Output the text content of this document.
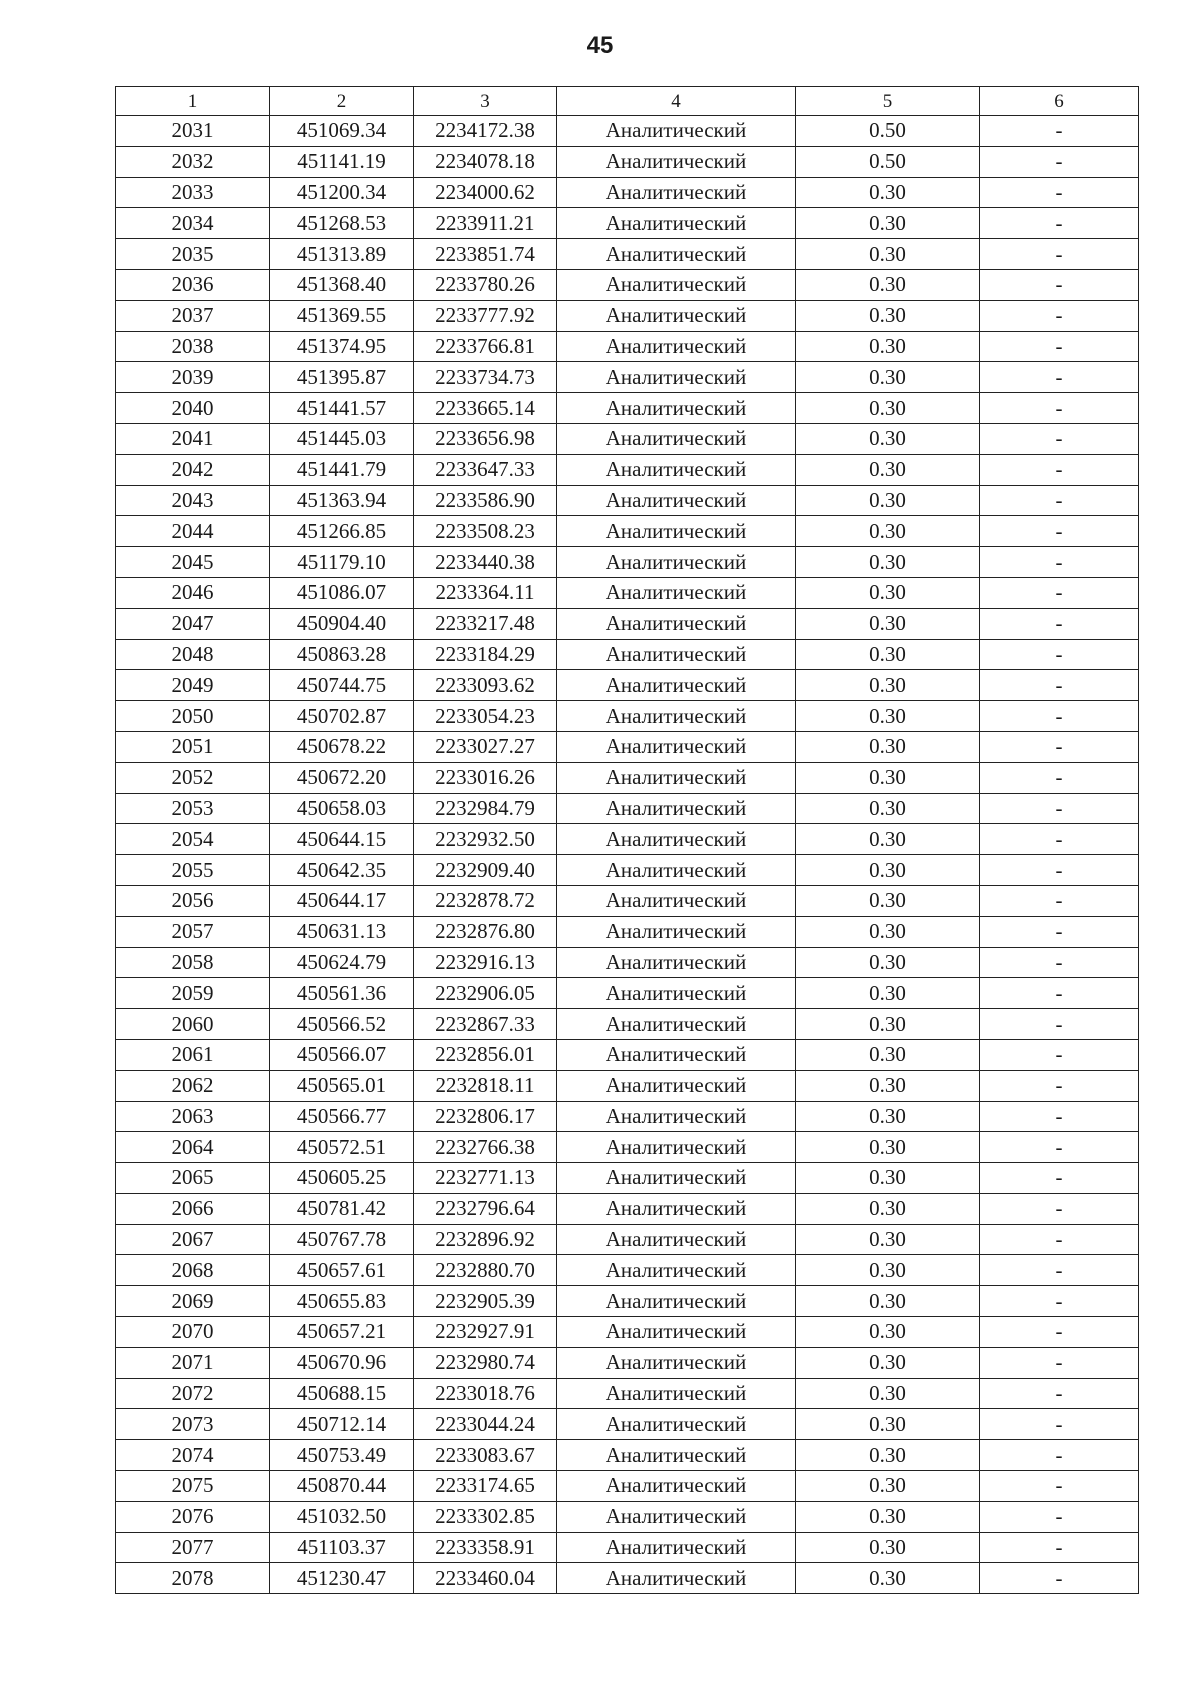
45
1	2	3	4	5	6
2031	451069.34	2234172.38	Аналитический	0.50	-
2032	451141.19	2234078.18	Аналитический	0.50	-
2033	451200.34	2234000.62	Аналитический	0.30	-
2034	451268.53	2233911.21	Аналитический	0.30	-
2035	451313.89	2233851.74	Аналитический	0.30	-
2036	451368.40	2233780.26	Аналитический	0.30	-
2037	451369.55	2233777.92	Аналитический	0.30	-
2038	451374.95	2233766.81	Аналитический	0.30	-
2039	451395.87	2233734.73	Аналитический	0.30	-
2040	451441.57	2233665.14	Аналитический	0.30	-
2041	451445.03	2233656.98	Аналитический	0.30	-
2042	451441.79	2233647.33	Аналитический	0.30	-
2043	451363.94	2233586.90	Аналитический	0.30	-
2044	451266.85	2233508.23	Аналитический	0.30	-
2045	451179.10	2233440.38	Аналитический	0.30	-
2046	451086.07	2233364.11	Аналитический	0.30	-
2047	450904.40	2233217.48	Аналитический	0.30	-
2048	450863.28	2233184.29	Аналитический	0.30	-
2049	450744.75	2233093.62	Аналитический	0.30	-
2050	450702.87	2233054.23	Аналитический	0.30	-
2051	450678.22	2233027.27	Аналитический	0.30	-
2052	450672.20	2233016.26	Аналитический	0.30	-
2053	450658.03	2232984.79	Аналитический	0.30	-
2054	450644.15	2232932.50	Аналитический	0.30	-
2055	450642.35	2232909.40	Аналитический	0.30	-
2056	450644.17	2232878.72	Аналитический	0.30	-
2057	450631.13	2232876.80	Аналитический	0.30	-
2058	450624.79	2232916.13	Аналитический	0.30	-
2059	450561.36	2232906.05	Аналитический	0.30	-
2060	450566.52	2232867.33	Аналитический	0.30	-
2061	450566.07	2232856.01	Аналитический	0.30	-
2062	450565.01	2232818.11	Аналитический	0.30	-
2063	450566.77	2232806.17	Аналитический	0.30	-
2064	450572.51	2232766.38	Аналитический	0.30	-
2065	450605.25	2232771.13	Аналитический	0.30	-
2066	450781.42	2232796.64	Аналитический	0.30	-
2067	450767.78	2232896.92	Аналитический	0.30	-
2068	450657.61	2232880.70	Аналитический	0.30	-
2069	450655.83	2232905.39	Аналитический	0.30	-
2070	450657.21	2232927.91	Аналитический	0.30	-
2071	450670.96	2232980.74	Аналитический	0.30	-
2072	450688.15	2233018.76	Аналитический	0.30	-
2073	450712.14	2233044.24	Аналитический	0.30	-
2074	450753.49	2233083.67	Аналитический	0.30	-
2075	450870.44	2233174.65	Аналитический	0.30	-
2076	451032.50	2233302.85	Аналитический	0.30	-
2077	451103.37	2233358.91	Аналитический	0.30	-
2078	451230.47	2233460.04	Аналитический	0.30	-
